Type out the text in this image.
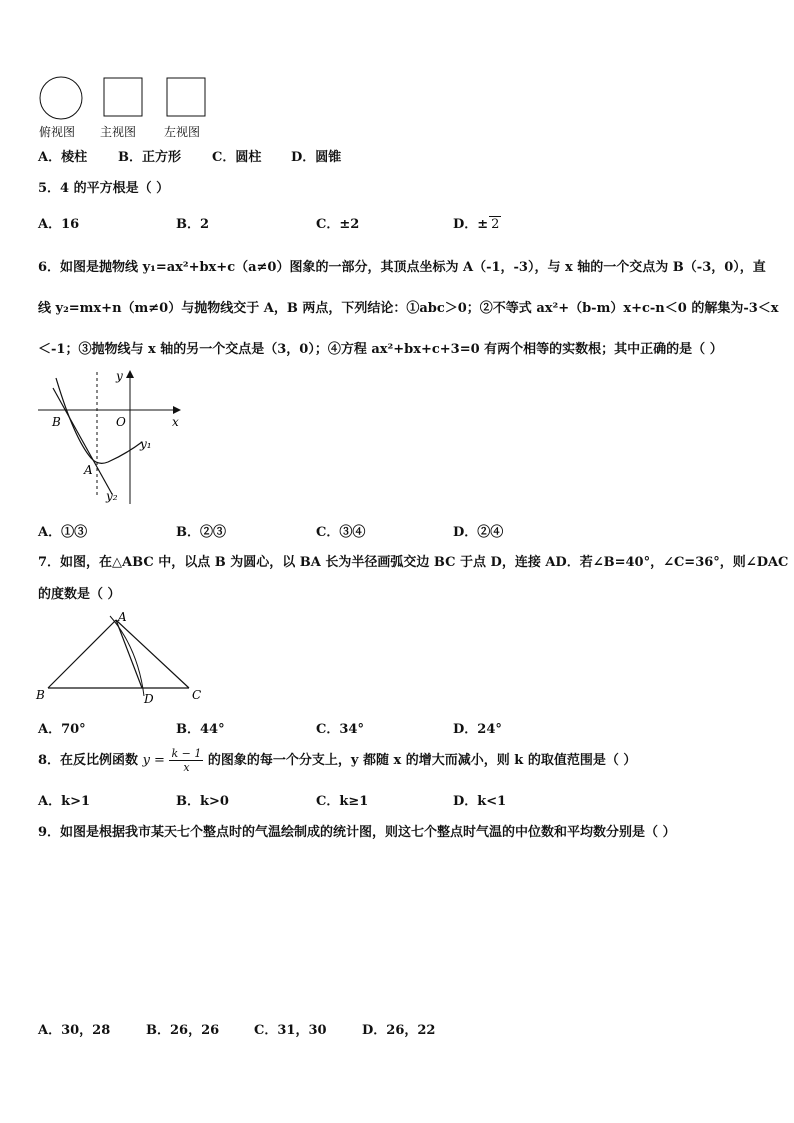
俯视图 主视图 左视图
A．棱柱 B．正方形 C．圆柱 D．圆锥
5．4 的平方根是（ ）
A．16	B．2	C．±2	D．± 2
6．如图是抛物线 y₁=ax²+bx+c（a≠0）图象的一部分，其顶点坐标为 A（-1，-3），与 x 轴的一个交点为 B（-3，0），直
线 y₂=mx+n（m≠0）与抛物线交于 A，B 两点，下列结论：①abc＞0；②不等式 ax²+（b-m）x+c-n＜0 的解集为-3＜x
＜-1；③抛物线与 x 轴的另一个交点是（3，0）；④方程 ax²+bx+c+3=0 有两个相等的实数根；其中正确的是（ ）
y
x
O
B
A
y₁
y₂
A．①③	B．②③	C．③④	D．②④
7．如图，在△ABC 中，以点 B 为圆心，以 BA 长为半径画弧交边 BC 于点 D，连接 AD．若∠B=40°，∠C=36°，则∠DAC
的度数是（ ）
A
B	C
D
A．70°	B．44°	C．34°	D．24°
8．在反比例函数 $y = \frac{k - 1}{x}$ 的图象的每一个分支上，y 都随 x 的增大而减小，则 k 的取值范围是（ ）
A．k>1	B．k>0	C．k≥1	D．k<1
9．如图是根据我市某天七个整点时的气温绘制成的统计图，则这七个整点时气温的中位数和平均数分别是（ ）
A．30，28	B．26，26	C．31，30	D．26，22
